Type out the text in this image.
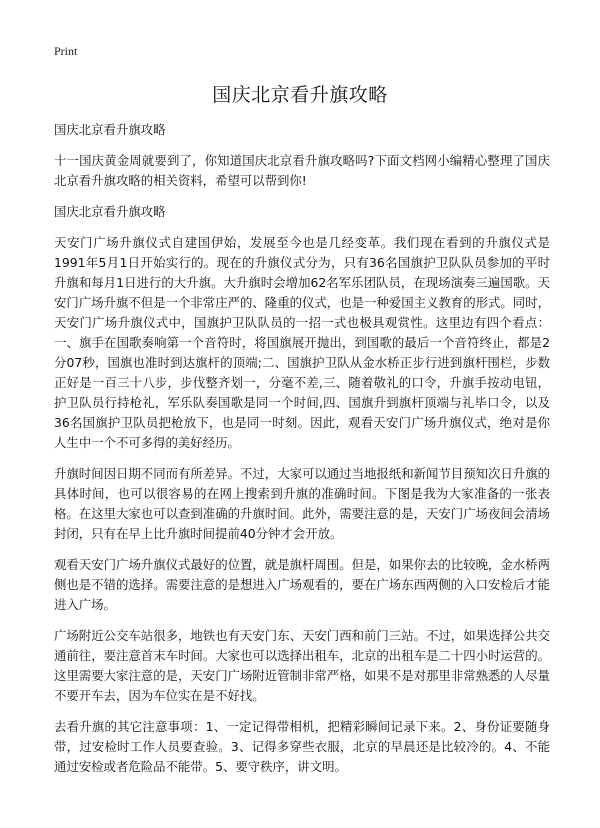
Print
国庆北京看升旗攻略

国庆北京看升旗攻略

十一国庆黄金周就要到了，你知道国庆北京看升旗攻略吗?下面文档网小编精心整理了国庆北京看升旗攻略的相关资料，希望可以帮到你!

国庆北京看升旗攻略

天安门广场升旗仪式自建国伊始，发展至今也是几经变革。我们现在看到的升旗仪式是1991年5月1日开始实行的。现在的升旗仪式分为，只有36名国旗护卫队队员参加的平时升旗和每月1日进行的大升旗。大升旗时会增加62名军乐团队员，在现场演奏三遍国歌。天安门广场升旗不但是一个非常庄严的、隆重的仪式，也是一种爱国主义教育的形式。同时，天安门广场升旗仪式中，国旗护卫队队员的一招一式也极具观赏性。这里边有四个看点：一、旗手在国歌奏响第一个音符时，将国旗展开抛出，到国歌的最后一个音符终止，都是2分07秒，国旗也准时到达旗杆的顶端;二、国旗护卫队从金水桥正步行进到旗杆围栏，步数正好是一百三十八步，步伐整齐划一，分毫不差,三、随着敬礼的口令，升旗手按动电钮，护卫队员行持枪礼，军乐队奏国歌是同一个时间,四、国旗升到旗杆顶端与礼毕口令，以及36名国旗护卫队员把枪放下，也是同一时刻。因此，观看天安门广场升旗仪式，绝对是你人生中一个不可多得的美好经历。

升旗时间因日期不同而有所差异。不过，大家可以通过当地报纸和新闻节目预知次日升旗的具体时间，也可以很容易的在网上搜索到升旗的准确时间。下图是我为大家准备的一张表格。在这里大家也可以查到准确的升旗时间。此外，需要注意的是，天安门广场夜间会清场封闭，只有在早上比升旗时间提前40分钟才会开放。

观看天安门广场升旗仪式最好的位置，就是旗杆周围。但是，如果你去的比较晚，金水桥两侧也是不错的选择。需要注意的是想进入广场观看的，要在广场东西两侧的入口安检后才能进入广场。

广场附近公交车站很多，地铁也有天安门东、天安门西和前门三站。不过，如果选择公共交通前往，要注意首末车时间。大家也可以选择出租车，北京的出租车是二十四小时运营的。这里需要大家注意的是，天安门广场附近管制非常严格，如果不是对那里非常熟悉的人尽量不要开车去，因为车位实在是不好找。

去看升旗的其它注意事项：1、一定记得带相机，把精彩瞬间记录下来。2、身份证要随身带，过安检时工作人员要查验。3、记得多穿些衣服，北京的早晨还是比较冷的。4、不能通过安检或者危险品不能带。5、要守秩序，讲文明。
